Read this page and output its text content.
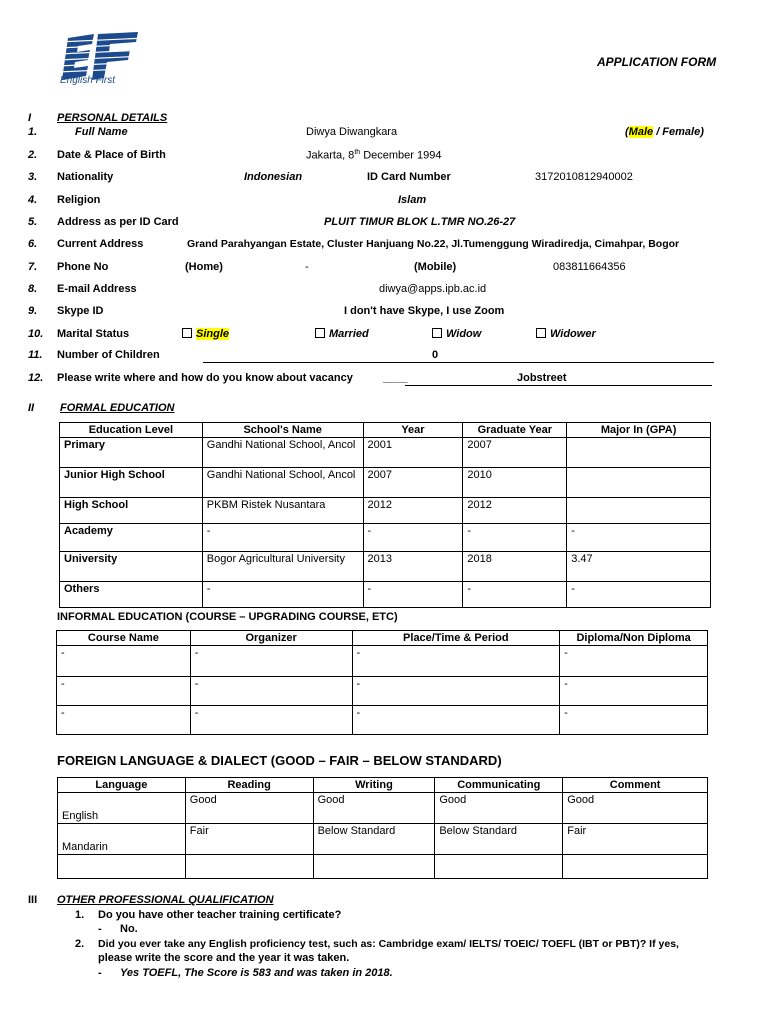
English First
APPLICATION FORM
I PERSONAL DETAILS
1.
2.
3.
4.
5.
6.
7.
8.
9.
10.
11.
12.
Full Name	Diwya Diwangkara	(Male / Female)
Date & Place of Birth	Jakarta, 8th December 1994
Nationality	Indonesian	ID Card Number	3172010812940002
Religion	Islam
Address as per ID Card	PLUIT TIMUR BLOK L.TMR NO.26-27
Current Address	Grand Parahyangan Estate, Cluster Hanjuang No.22, Jl.Tumenggung Wiradiredja, Cimahpar, Bogor
Phone No	(Home)	-	(Mobile)	083811664356
E-mail Address	diwya@apps.ipb.ac.id
Skype ID	I don't have Skype, I use Zoom
Marital Status	Single	Married	Widow	Widower
Number of Children	0
Please write where and how do you know about vacancy	____	Jobstreet
II FORMAL EDUCATION
Education Level	School's Name	Year	Graduate Year	Major In (GPA)
Primary	Gandhi National School, Ancol	2001	2007	
Junior High School	Gandhi National School, Ancol	2007	2010	
High School	PKBM Ristek Nusantara	2012	2012	
Academy	-	-	-	-
University	Bogor Agricultural University	2013	2018	3.47
Others	-	-	-	-
INFORMAL EDUCATION (COURSE – UPGRADING COURSE, ETC)
Course Name	Organizer	Place/Time & Period	Diploma/Non Diploma
-	-	-	-
-	-	-	-
-	-	-	-
FOREIGN LANGUAGE & DIALECT (GOOD – FAIR – BELOW STANDARD)
Language	Reading	Writing	Communicating	Comment
English	Good	Good	Good	Good
Mandarin	Fair	Below Standard	Below Standard	Fair

III OTHER PROFESSIONAL QUALIFICATION
1. Do you have other teacher training certificate?
- No.
2. Did you ever take any English proficiency test, such as: Cambridge exam/ IELTS/ TOEIC/ TOEFL (IBT or PBT)? If yes,
please write the score and the year it was taken.
- Yes TOEFL, The Score is 583 and was taken in 2018.
